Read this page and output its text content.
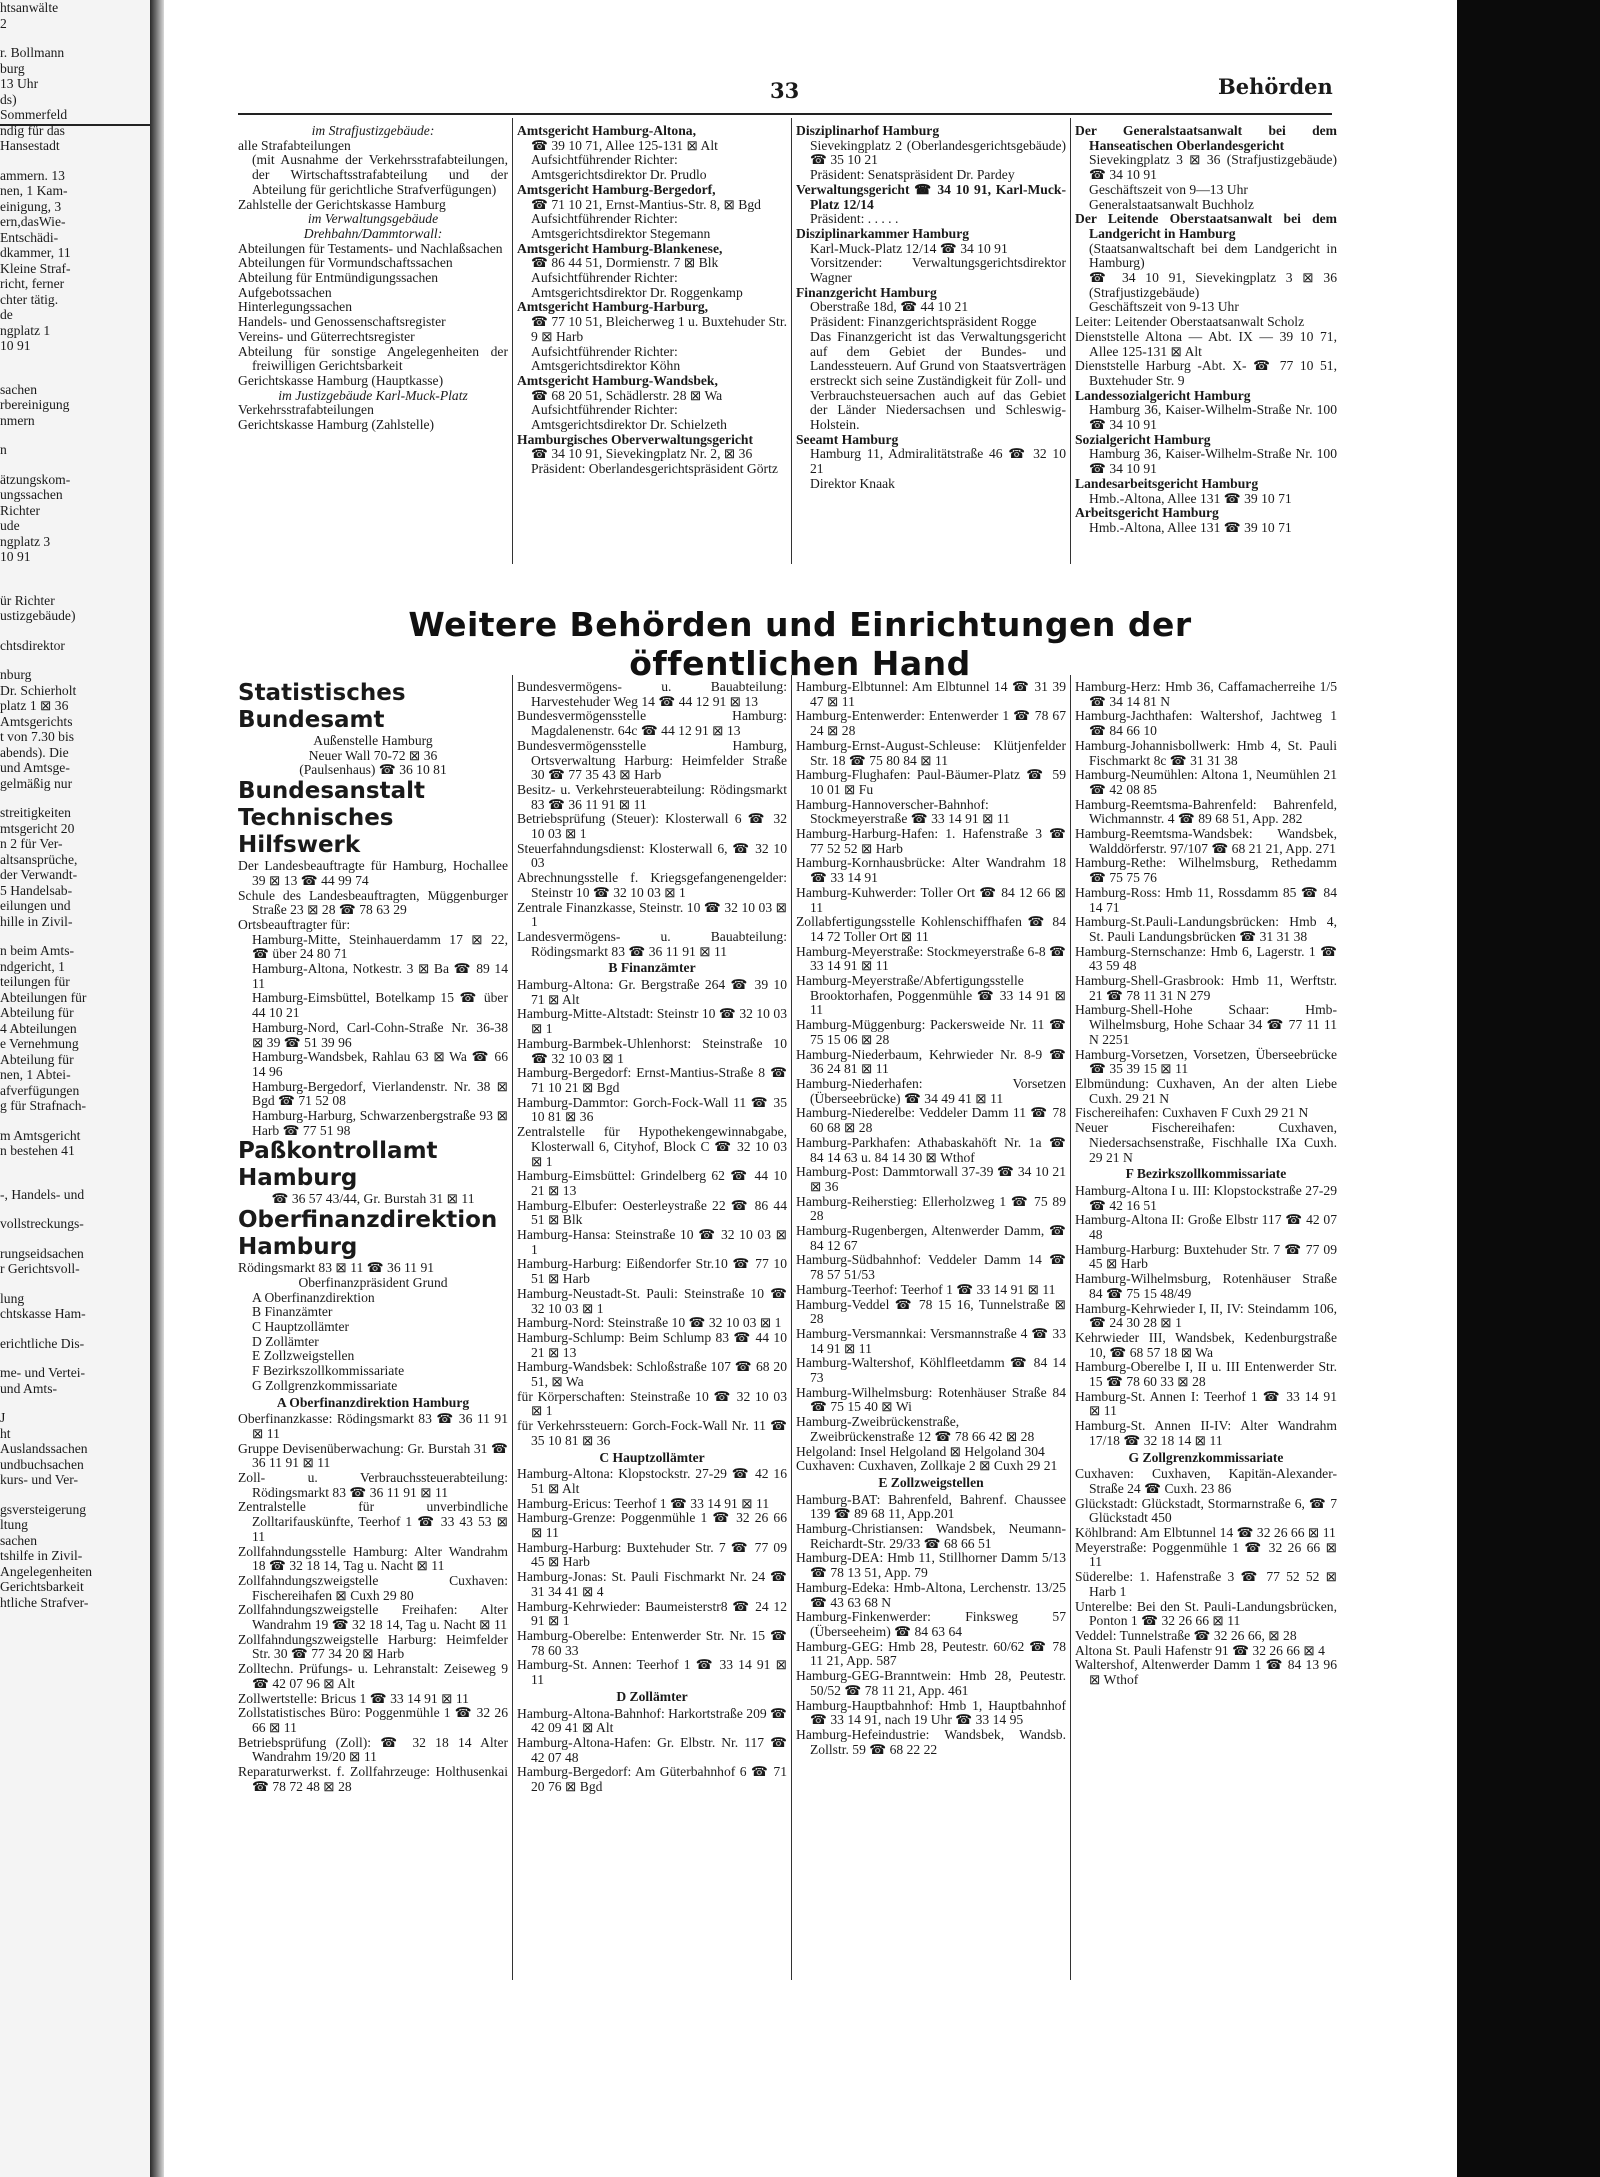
htsanwälte
2
r. Bollmann
burg
13 Uhr
ds)
Sommerfeld
ndig für das
Hansestadt
ammern. 13
nen, 1 Kam-
einigung, 3
ern,dasWie-
Entschädi-
dkammer, 11
Kleine Straf-
richt, ferner
chter tätig.
de
ngplatz 1
10 91
sachen
rbereinigung
nmern
n
ätzungskom-
ungssachen
Richter
ude
ngplatz 3
10 91
ür Richter
ustizgebäude)
chtsdirektor
nburg
Dr. Schierholt
platz 1 ⊠ 36
Amtsgerichts
t von 7.30 bis
abends). Die
und Amtsge-
gelmäßig nur
streitigkeiten
mtsgericht 20
n 2 für Ver-
altsansprüche,
der Verwandt-
5 Handelsab-
eilungen und
hille in Zivil-
n beim Amts-
ndgericht, 1
teilungen für
Abteilungen für
Abteilung für
4 Abteilungen
e Vernehmung
Abteilung für
nen, 1 Abtei-
afverfügungen
g für Strafnach-
m Amtsgericht
n bestehen 41
-, Handels- und
vollstreckungs-
rungseidsachen
r Gerichtsvoll-
lung
chtskasse Ham-
erichtliche Dis-
me- und Vertei-
und Amts-
J
ht
Auslandssachen
undbuchsachen
kurs- und Ver-
gsversteigerung
ltung
sachen
tshilfe in Zivil-
Angelegenheiten
Gerichtsbarkeit
htliche Strafver-
33	Behörden

im Strafjustizgebäude:

alle Strafabteilungen

(mit Ausnahme der Verkehrsstrafabteilungen, der Wirtschaftsstrafabteilung und der Abteilung für gerichtliche Strafverfügungen)

Zahlstelle der Gerichtskasse Hamburg

im Verwaltungsgebäude Drehbahn/Dammtorwall:

Abteilungen für Testaments- und Nachlaßsachen

Abteilungen für Vormundschaftssachen

Abteilung für Entmündigungssachen

Aufgebotssachen

Hinterlegungssachen

Handels- und Genossenschaftsregister

Vereins- und Güterrechtsregister

Abteilung für sonstige Angelegenheiten der freiwilligen Gerichtsbarkeit

Gerichtskasse Hamburg (Hauptkasse)

im Justizgebäude Karl-Muck-Platz

Verkehrsstrafabteilungen

Gerichtskasse Hamburg (Zahlstelle)

Amtsgericht Hamburg-Altona,

☎ 39 10 71, Allee 125-131 ⊠ Alt

Aufsichtführender Richter:

Amtsgerichtsdirektor Dr. Prudlo

Amtsgericht Hamburg-Bergedorf,

☎ 71 10 21, Ernst-Mantius-Str. 8, ⊠ Bgd

Aufsichtführender Richter:

Amtsgerichtsdirektor Stegemann

Amtsgericht Hamburg-Blankenese,

☎ 86 44 51, Dormienstr. 7 ⊠ Blk

Aufsichtführender Richter:

Amtsgerichtsdirektor Dr. Roggenkamp

Amtsgericht Hamburg-Harburg,

☎ 77 10 51, Bleicherweg 1 u. Buxtehuder Str. 9 ⊠ Harb

Aufsichtführender Richter:

Amtsgerichtsdirektor Köhn

Amtsgericht Hamburg-Wandsbek,

☎ 68 20 51, Schädlerstr. 28 ⊠ Wa

Aufsichtführender Richter:

Amtsgerichtsdirektor Dr. Schielzeth

Hamburgisches Oberverwaltungsgericht

☎ 34 10 91, Sievekingplatz Nr. 2, ⊠ 36

Präsident: Oberlandesgerichtspräsident Görtz

Disziplinarhof Hamburg

Sievekingplatz 2 (Oberlandesgerichtsgebäude) ☎ 35 10 21

Präsident: Senatspräsident Dr. Pardey

Verwaltungsgericht ☎ 34 10 91, Karl-Muck-Platz 12/14

Präsident: . . . . .

Disziplinarkammer Hamburg

Karl-Muck-Platz 12/14 ☎ 34 10 91

Vorsitzender: Verwaltungsgerichtsdirektor Wagner

Finanzgericht Hamburg

Oberstraße 18d, ☎ 44 10 21

Präsident: Finanzgerichtspräsident Rogge

Das Finanzgericht ist das Verwaltungsgericht auf dem Gebiet der Bundes- und Landessteuern. Auf Grund von Staatsverträgen erstreckt sich seine Zuständigkeit für Zoll- und Verbrauchsteuersachen auch auf das Gebiet der Länder Niedersachsen und Schleswig-Holstein.

Seeamt Hamburg

Hamburg 11, Admiralitätstraße 46 ☎ 32 10 21

Direktor Knaak

Der Generalstaatsanwalt bei dem Hanseatischen Oberlandesgericht

Sievekingplatz 3 ⊠ 36 (Strafjustizgebäude) ☎ 34 10 91

Geschäftszeit von 9—13 Uhr

Generalstaatsanwalt Buchholz

Der Leitende Oberstaatsanwalt bei dem Landgericht in Hamburg

(Staatsanwaltschaft bei dem Landgericht in Hamburg)

☎ 34 10 91, Sievekingplatz 3 ⊠ 36 (Strafjustizgebäude)

Geschäftszeit von 9-13 Uhr

Leiter: Leitender Oberstaatsanwalt Scholz

Dienststelle Altona — Abt. IX — 39 10 71, Allee 125-131 ⊠ Alt

Dienststelle Harburg -Abt. X- ☎ 77 10 51, Buxtehuder Str. 9

Landessozialgericht Hamburg

Hamburg 36, Kaiser-Wilhelm-Straße Nr. 100 ☎ 34 10 91

Sozialgericht Hamburg

Hamburg 36, Kaiser-Wilhelm-Straße Nr. 100 ☎ 34 10 91

Landesarbeitsgericht Hamburg

Hmb.-Altona, Allee 131 ☎ 39 10 71

Arbeitsgericht Hamburg

Hmb.-Altona, Allee 131 ☎ 39 10 71

Weitere Behörden und Einrichtungen der öffentlichen Hand

Statistisches Bundesamt

Außenstelle Hamburg

Neuer Wall 70-72 ⊠ 36

(Paulsenhaus) ☎ 36 10 81

Bundesanstalt Technisches Hilfswerk

Der Landesbeauftragte für Hamburg, Hochallee 39 ⊠ 13 ☎ 44 99 74

Schule des Landesbeauftragten, Müggenburger Straße 23 ⊠ 28 ☎ 78 63 29

Ortsbeauftragter für:

Hamburg-Mitte, Steinhauerdamm 17 ⊠ 22, ☎ über 24 80 71

Hamburg-Altona, Notkestr. 3 ⊠ Ba ☎ 89 14 11

Hamburg-Eimsbüttel, Botelkamp 15 ☎ über 44 10 21

Hamburg-Nord, Carl-Cohn-Straße Nr. 36-38 ⊠ 39 ☎ 51 39 96

Hamburg-Wandsbek, Rahlau 63 ⊠ Wa ☎ 66 14 96

Hamburg-Bergedorf, Vierlandenstr. Nr. 38 ⊠ Bgd ☎ 71 52 08

Hamburg-Harburg, Schwarzenbergstraße 93 ⊠ Harb ☎ 77 51 98

Paßkontrollamt Hamburg

☎ 36 57 43/44, Gr. Burstah 31 ⊠ 11

Oberfinanzdirektion Hamburg

Rödingsmarkt 83 ⊠ 11 ☎ 36 11 91

Oberfinanzpräsident Grund

A Oberfinanzdirektion

B Finanzämter

C Hauptzollämter

D Zollämter

E Zollzweigstellen

F Bezirkszollkommissariate

G Zollgrenzkommissariate

A Oberfinanzdirektion Hamburg

Oberfinanzkasse: Rödingsmarkt 83 ☎ 36 11 91 ⊠ 11

Gruppe Devisenüberwachung: Gr. Burstah 31 ☎ 36 11 91 ⊠ 11

Zoll- u. Verbrauchssteuerabteilung: Rödingsmarkt 83 ☎ 36 11 91 ⊠ 11

Zentralstelle für unverbindliche Zolltarifauskünfte, Teerhof 1 ☎ 33 43 53 ⊠ 11

Zollfahndungsstelle Hamburg: Alter Wandrahm 18 ☎ 32 18 14, Tag u. Nacht ⊠ 11

Zollfahndungszweigstelle Cuxhaven: Fischereihafen ⊠ Cuxh 29 80

Zollfahndungszweigstelle Freihafen: Alter Wandrahm 19 ☎ 32 18 14, Tag u. Nacht ⊠ 11

Zollfahndungszweigstelle Harburg: Heimfelder Str. 30 ☎ 77 34 20 ⊠ Harb

Zolltechn. Prüfungs- u. Lehranstalt: Zeiseweg 9 ☎ 42 07 96 ⊠ Alt

Zollwertstelle: Bricus 1 ☎ 33 14 91 ⊠ 11

Zollstatistisches Büro: Poggenmühle 1 ☎ 32 26 66 ⊠ 11

Betriebsprüfung (Zoll): ☎ 32 18 14 Alter Wandrahm 19/20 ⊠ 11

Reparaturwerkst. f. Zollfahrzeuge: Holthusenkai ☎ 78 72 48 ⊠ 28

Bundesvermögens- u. Bauabteilung: Harvestehuder Weg 14 ☎ 44 12 91 ⊠ 13

Bundesvermögensstelle Hamburg: Magdalenenstr. 64c ☎ 44 12 91 ⊠ 13

Bundesvermögensstelle Hamburg, Ortsverwaltung Harburg: Heimfelder Straße 30 ☎ 77 35 43 ⊠ Harb

Besitz- u. Verkehrsteuerabteilung: Rödingsmarkt 83 ☎ 36 11 91 ⊠ 11

Betriebsprüfung (Steuer): Klosterwall 6 ☎ 32 10 03 ⊠ 1

Steuerfahndungsdienst: Klosterwall 6, ☎ 32 10 03

Abrechnungsstelle f. Kriegsgefangenengelder: Steinstr 10 ☎ 32 10 03 ⊠ 1

Zentrale Finanzkasse, Steinstr. 10 ☎ 32 10 03 ⊠ 1

Landesvermögens- u. Bauabteilung: Rödingsmarkt 83 ☎ 36 11 91 ⊠ 11

B Finanzämter

Hamburg-Altona: Gr. Bergstraße 264 ☎ 39 10 71 ⊠ Alt

Hamburg-Mitte-Altstadt: Steinstr 10 ☎ 32 10 03 ⊠ 1

Hamburg-Barmbek-Uhlenhorst: Steinstraße 10 ☎ 32 10 03 ⊠ 1

Hamburg-Bergedorf: Ernst-Mantius-Straße 8 ☎ 71 10 21 ⊠ Bgd

Hamburg-Dammtor: Gorch-Fock-Wall 11 ☎ 35 10 81 ⊠ 36

Zentralstelle für Hypothekengewinnabgabe, Klosterwall 6, Cityhof, Block C ☎ 32 10 03 ⊠ 1

Hamburg-Eimsbüttel: Grindelberg 62 ☎ 44 10 21 ⊠ 13

Hamburg-Elbufer: Oesterleystraße 22 ☎ 86 44 51 ⊠ Blk

Hamburg-Hansa: Steinstraße 10 ☎ 32 10 03 ⊠ 1

Hamburg-Harburg: Eißendorfer Str.10 ☎ 77 10 51 ⊠ Harb

Hamburg-Neustadt-St. Pauli: Steinstraße 10 ☎ 32 10 03 ⊠ 1

Hamburg-Nord: Steinstraße 10 ☎ 32 10 03 ⊠ 1

Hamburg-Schlump: Beim Schlump 83 ☎ 44 10 21 ⊠ 13

Hamburg-Wandsbek: Schloßstraße 107 ☎ 68 20 51, ⊠ Wa

für Körperschaften: Steinstraße 10 ☎ 32 10 03 ⊠ 1

für Verkehrssteuern: Gorch-Fock-Wall Nr. 11 ☎ 35 10 81 ⊠ 36

C Hauptzollämter

Hamburg-Altona: Klopstockstr. 27-29 ☎ 42 16 51 ⊠ Alt

Hamburg-Ericus: Teerhof 1 ☎ 33 14 91 ⊠ 11

Hamburg-Grenze: Poggenmühle 1 ☎ 32 26 66 ⊠ 11

Hamburg-Harburg: Buxtehuder Str. 7 ☎ 77 09 45 ⊠ Harb

Hamburg-Jonas: St. Pauli Fischmarkt Nr. 24 ☎ 31 34 41 ⊠ 4

Hamburg-Kehrwieder: Baumeisterstr8 ☎ 24 12 91 ⊠ 1

Hamburg-Oberelbe: Entenwerder Str. Nr. 15 ☎ 78 60 33

Hamburg-St. Annen: Teerhof 1 ☎ 33 14 91 ⊠ 11

D Zollämter

Hamburg-Altona-Bahnhof: Harkortstraße 209 ☎ 42 09 41 ⊠ Alt

Hamburg-Altona-Hafen: Gr. Elbstr. Nr. 117 ☎ 42 07 48

Hamburg-Bergedorf: Am Güterbahnhof 6 ☎ 71 20 76 ⊠ Bgd

Hamburg-Elbtunnel: Am Elbtunnel 14 ☎ 31 39 47 ⊠ 11

Hamburg-Entenwerder: Entenwerder 1 ☎ 78 67 24 ⊠ 28

Hamburg-Ernst-August-Schleuse: Klütjenfelder Str. 18 ☎ 75 80 84 ⊠ 11

Hamburg-Flughafen: Paul-Bäumer-Platz ☎ 59 10 01 ⊠ Fu

Hamburg-Hannoverscher-Bahnhof: Stockmeyerstraße ☎ 33 14 91 ⊠ 11

Hamburg-Harburg-Hafen: 1. Hafenstraße 3 ☎ 77 52 52 ⊠ Harb

Hamburg-Kornhausbrücke: Alter Wandrahm 18 ☎ 33 14 91

Hamburg-Kuhwerder: Toller Ort ☎ 84 12 66 ⊠ 11

Zollabfertigungsstelle Kohlenschiffhafen ☎ 84 14 72 Toller Ort ⊠ 11

Hamburg-Meyerstraße: Stockmeyerstraße 6-8 ☎ 33 14 91 ⊠ 11

Hamburg-Meyerstraße/Abfertigungsstelle Brooktorhafen, Poggenmühle ☎ 33 14 91 ⊠ 11

Hamburg-Müggenburg: Packersweide Nr. 11 ☎ 75 15 06 ⊠ 28

Hamburg-Niederbaum, Kehrwieder Nr. 8-9 ☎ 36 24 81 ⊠ 11

Hamburg-Niederhafen: Vorsetzen (Überseebrücke) ☎ 34 49 41 ⊠ 11

Hamburg-Niederelbe: Veddeler Damm 11 ☎ 78 60 68 ⊠ 28

Hamburg-Parkhafen: Athabaskahöft Nr. 1a ☎ 84 14 63 u. 84 14 30 ⊠ Wthof

Hamburg-Post: Dammtorwall 37-39 ☎ 34 10 21 ⊠ 36

Hamburg-Reiherstieg: Ellerholzweg 1 ☎ 75 89 28

Hamburg-Rugenbergen, Altenwerder Damm, ☎ 84 12 67

Hamburg-Südbahnhof: Veddeler Damm 14 ☎ 78 57 51/53

Hamburg-Teerhof: Teerhof 1 ☎ 33 14 91 ⊠ 11

Hamburg-Veddel ☎ 78 15 16, Tunnelstraße ⊠ 28

Hamburg-Versmannkai: Versmannstraße 4 ☎ 33 14 91 ⊠ 11

Hamburg-Waltershof, Köhlfleetdamm ☎ 84 14 73

Hamburg-Wilhelmsburg: Rotenhäuser Straße 84 ☎ 75 15 40 ⊠ Wi

Hamburg-Zweibrückenstraße, Zweibrückenstraße 12 ☎ 78 66 42 ⊠ 28

Helgoland: Insel Helgoland ⊠ Helgoland 304

Cuxhaven: Cuxhaven, Zollkaje 2 ⊠ Cuxh 29 21

E Zollzweigstellen

Hamburg-BAT: Bahrenfeld, Bahrenf. Chaussee 139 ☎ 89 68 11, App.201

Hamburg-Christiansen: Wandsbek, Neumann-Reichardt-Str. 29/33 ☎ 68 66 51

Hamburg-DEA: Hmb 11, Stillhorner Damm 5/13 ☎ 78 13 51, App. 79

Hamburg-Edeka: Hmb-Altona, Lerchenstr. 13/25 ☎ 43 63 68 N

Hamburg-Finkenwerder: Finksweg 57 (Überseeheim) ☎ 84 63 64

Hamburg-GEG: Hmb 28, Peutestr. 60/62 ☎ 78 11 21, App. 587

Hamburg-GEG-Branntwein: Hmb 28, Peutestr. 50/52 ☎ 78 11 21, App. 461

Hamburg-Hauptbahnhof: Hmb 1, Hauptbahnhof ☎ 33 14 91, nach 19 Uhr ☎ 33 14 95

Hamburg-Hefeindustrie: Wandsbek, Wandsb. Zollstr. 59 ☎ 68 22 22

Hamburg-Herz: Hmb 36, Caffamacherreihe 1/5 ☎ 34 14 81 N

Hamburg-Jachthafen: Waltershof, Jachtweg 1 ☎ 84 66 10

Hamburg-Johannisbollwerk: Hmb 4, St. Pauli Fischmarkt 8c ☎ 31 31 38

Hamburg-Neumühlen: Altona 1, Neumühlen 21 ☎ 42 08 85

Hamburg-Reemtsma-Bahrenfeld: Bahrenfeld, Wichmannstr. 4 ☎ 89 68 51, App. 282

Hamburg-Reemtsma-Wandsbek: Wandsbek, Walddörferstr. 97/107 ☎ 68 21 21, App. 271

Hamburg-Rethe: Wilhelmsburg, Rethedamm ☎ 75 75 76

Hamburg-Ross: Hmb 11, Rossdamm 85 ☎ 84 14 71

Hamburg-St.Pauli-Landungsbrücken: Hmb 4, St. Pauli Landungsbrücken ☎ 31 31 38

Hamburg-Sternschanze: Hmb 6, Lagerstr. 1 ☎ 43 59 48

Hamburg-Shell-Grasbrook: Hmb 11, Werftstr. 21 ☎ 78 11 31 N 279

Hamburg-Shell-Hohe Schaar: Hmb-Wilhelmsburg, Hohe Schaar 34 ☎ 77 11 11 N 2251

Hamburg-Vorsetzen, Vorsetzen, Überseebrücke ☎ 35 39 15 ⊠ 11

Elbmündung: Cuxhaven, An der alten Liebe Cuxh. 29 21 N

Fischereihafen: Cuxhaven F Cuxh 29 21 N

Neuer Fischereihafen: Cuxhaven, Niedersachsenstraße, Fischhalle IXa Cuxh. 29 21 N

F Bezirkszollkommissariate

Hamburg-Altona I u. III: Klopstockstraße 27-29 ☎ 42 16 51

Hamburg-Altona II: Große Elbstr 117 ☎ 42 07 48

Hamburg-Harburg: Buxtehuder Str. 7 ☎ 77 09 45 ⊠ Harb

Hamburg-Wilhelmsburg, Rotenhäuser Straße 84 ☎ 75 15 48/49

Hamburg-Kehrwieder I, II, IV: Steindamm 106, ☎ 24 30 28 ⊠ 1

Kehrwieder III, Wandsbek, Kedenburgstraße 10, ☎ 68 57 18 ⊠ Wa

Hamburg-Oberelbe I, II u. III Entenwerder Str. 15 ☎ 78 60 33 ⊠ 28

Hamburg-St. Annen I: Teerhof 1 ☎ 33 14 91 ⊠ 11

Hamburg-St. Annen II-IV: Alter Wandrahm 17/18 ☎ 32 18 14 ⊠ 11

G Zollgrenzkommissariate

Cuxhaven: Cuxhaven, Kapitän-Alexander-Straße 24 ☎ Cuxh. 23 86

Glückstadt: Glückstadt, Stormarnstraße 6, ☎ 7 Glückstadt 450

Köhlbrand: Am Elbtunnel 14 ☎ 32 26 66 ⊠ 11

Meyerstraße: Poggenmühle 1 ☎ 32 26 66 ⊠ 11

Süderelbe: 1. Hafenstraße 3 ☎ 77 52 52 ⊠ Harb 1

Unterelbe: Bei den St. Pauli-Landungsbrücken, Ponton 1 ☎ 32 26 66 ⊠ 11

Veddel: Tunnelstraße ☎ 32 26 66, ⊠ 28

Altona St. Pauli Hafenstr 91 ☎ 32 26 66 ⊠ 4

Waltershof, Altenwerder Damm 1 ☎ 84 13 96 ⊠ Wthof
